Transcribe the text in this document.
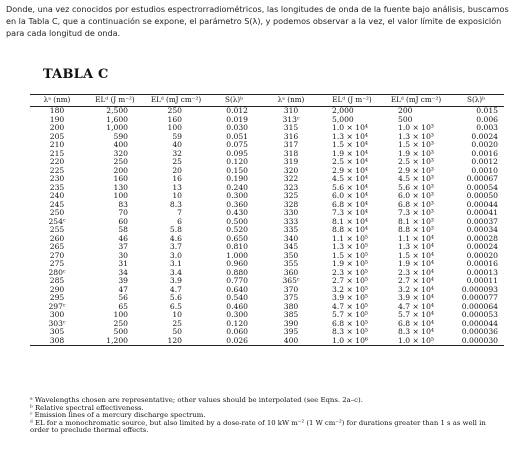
Donde, una vez conocidos por estudios espectrorradiométricos, las longitudes de onda de la fuente bajo análisis, buscamos en la Tabla C, que a continuación se expone, el parámetro S(λ), y podemos observar a la vez, el valor límite de exposición para cada longitud de onda.
TABLA C

λᵃ (nm)	ELᵈ (J m⁻²)	ELᵈ (mJ cm⁻²)	S(λ)ᵇ	λᵃ (nm)	ELᵈ (J m⁻²)	ELᵈ (mJ cm⁻²)	S(λ)ᵇ
180	2,500	250	0.012	310	2,000	200	0.015
190	1,600	160	0.019	313ᶜ	5,000	500	0.006
200	1,000	100	0.030	315	1.0 × 10⁴	1.0 × 10³	0.003
205	590	59	0.051	316	1.3 × 10⁴	1.3 × 10³	0.0024
210	400	40	0.075	317	1.5 × 10⁴	1.5 × 10³	0.0020
215	320	32	0.095	318	1.9 × 10⁴	1.9 × 10³	0.0016
220	250	25	0.120	319	2.5 × 10⁴	2.5 × 10³	0.0012
225	200	20	0.150	320	2.9 × 10⁴	2.9 × 10³	0.0010
230	160	16	0.190	322	4.5 × 10⁴	4.5 × 10³	0.00067
235	130	13	0.240	323	5.6 × 10⁴	5.6 × 10³	0.00054
240	100	10	0.300	325	6.0 × 10⁴	6.0 × 10³	0.00050
245	83	8.3	0.360	328	6.8 × 10⁴	6.8 × 10³	0.00044
250	70	7	0.430	330	7.3 × 10⁴	7.3 × 10³	0.00041
254ᶜ	60	6	0.500	333	8.1 × 10⁴	8.1 × 10³	0.00037
255	58	5.8	0.520	335	8.8 × 10⁴	8.8 × 10³	0.00034
260	46	4.6	0.650	340	1.1 × 10⁵	1.1 × 10⁴	0.00028
265	37	3.7	0.810	345	1.3 × 10⁵	1.3 × 10⁴	0.00024
270	30	3.0	1.000	350	1.5 × 10⁵	1.5 × 10⁴	0.00020
275	31	3.1	0.960	355	1.9 × 10⁵	1.9 × 10⁴	0.00016
280ᶜ	34	3.4	0.880	360	2.3 × 10⁵	2.3 × 10⁴	0.00013
285	39	3.9	0.770	365ᶜ	2.7 × 10⁵	2.7 × 10⁴	0.00011
290	47	4.7	0.640	370	3.2 × 10⁵	3.2 × 10⁴	0.000093
295	56	5.6	0.540	375	3.9 × 10⁵	3.9 × 10⁴	0.000077
297ᶜ	65	6.5	0.460	380	4.7 × 10⁵	4.7 × 10⁴	0.000064
300	100	10	0.300	385	5.7 × 10⁵	5.7 × 10⁴	0.000053
303ᶜ	250	25	0.120	390	6.8 × 10⁵	6.8 × 10⁴	0.000044
305	500	50	0.060	395	8.3 × 10⁵	8.3 × 10⁴	0.000036
308	1,200	120	0.026	400	1.0 × 10⁶	1.0 × 10⁵	0.000030

ᵃ Wavelengths chosen are representative; other values should be interpolated (see Eqns. 2a–c).
ᵇ Relative spectral effectiveness.
ᶜ Emission lines of a mercury discharge spectrum.
ᵈ EL for a monochromatic source, but also limited by a dose-rate of 10 kW m⁻² (1 W cm⁻²) for durations greater than 1 s as well in order to preclude thermal effects.
